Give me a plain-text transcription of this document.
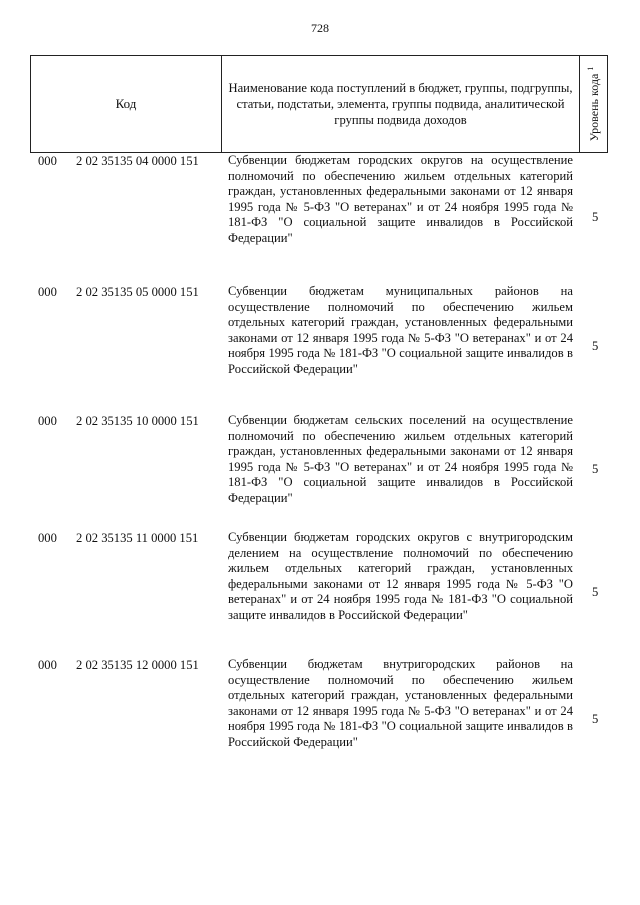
728
Код
Наименование кода поступлений в бюджет, группы, подгруппы, статьи, подстатьи, элемента, группы подвида, аналитической группы подвида доходов	Уровень кода $^1$
000 2 02 35135 04 0000 151 Субвенции бюджетам городских округов на осуществление полномочий по обеспечению жильем отдельных категорий граждан, установленных федеральными законами от 12 января 1995 года № 5-ФЗ "О ветеранах" и от 24 ноября 1995 года № 181-ФЗ "О социальной защите инвалидов в Российской Федерации"
5
000 2 02 35135 05 0000 151 Субвенции бюджетам муниципальных районов на осуществление полномочий по обеспечению жильем отдельных категорий граждан, установленных федеральными законами от 12 января 1995 года № 5-ФЗ "О ветеранах" и от 24 ноября 1995 года № 181-ФЗ "О социальной защите инвалидов в Российской Федерации"
5
000 2 02 35135 10 0000 151 Субвенции бюджетам сельских поселений на осуществление полномочий по обеспечению жильем отдельных категорий граждан, установленных федеральными законами от 12 января 1995 года № 5-ФЗ "О ветеранах" и от 24 ноября 1995 года № 181-ФЗ "О социальной защите инвалидов в Российской Федерации"
5
000 2 02 35135 11 0000 151 Субвенции бюджетам городских округов с внутригородским делением на осуществление полномочий по обеспечению жильем отдельных категорий граждан, установленных федеральными законами от 12 января 1995 года № 5-ФЗ "О ветеранах" и от 24 ноября 1995 года № 181-ФЗ "О социальной защите инвалидов в Российской Федерации"
5
000 2 02 35135 12 0000 151 Субвенции бюджетам внутригородских районов на осуществление полномочий по обеспечению жильем отдельных категорий граждан, установленных федеральными законами от 12 января 1995 года № 5-ФЗ "О ветеранах" и от 24 ноября 1995 года № 181-ФЗ "О социальной защите инвалидов в Российской Федерации"
5
